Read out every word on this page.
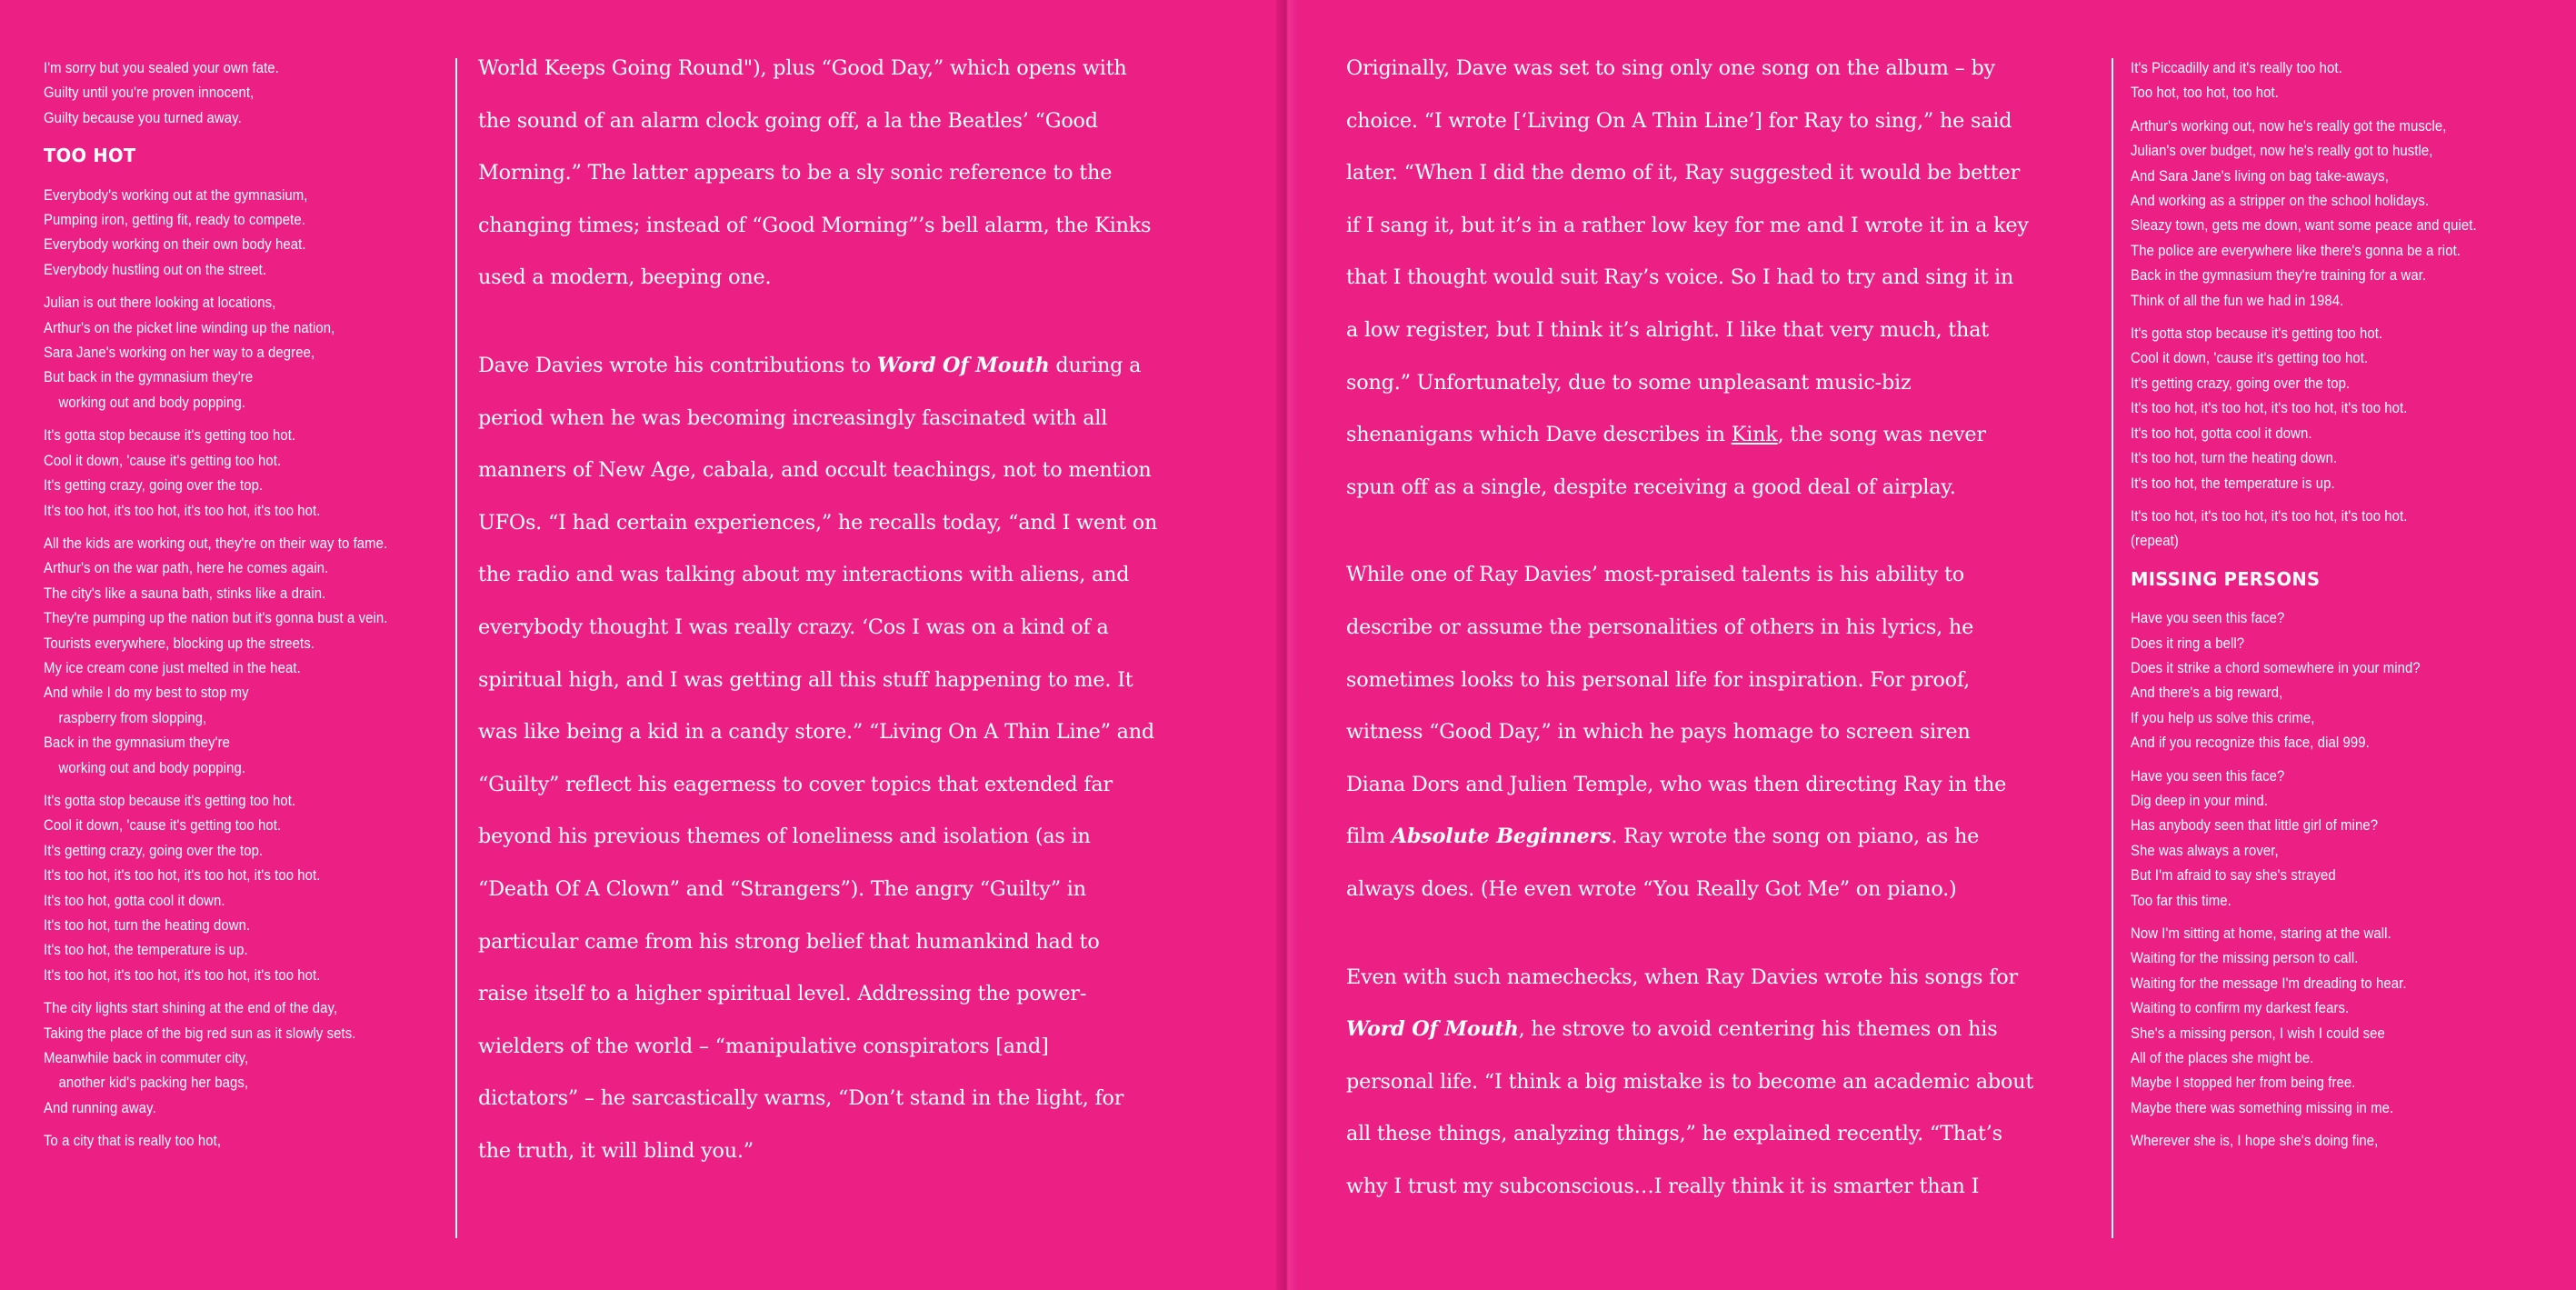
I'm sorry but you sealed your own fate.
Guilty until you're proven innocent,
Guilty because you turned away.
TOO HOT
Everybody's working out at the gymnasium,
Pumping iron, getting fit, ready to compete.
Everybody working on their own body heat.
Everybody hustling out on the street.
Julian is out there looking at locations,
Arthur's on the picket line winding up the nation,
Sara Jane's working on her way to a degree,
But back in the gymnasium they're
working out and body popping.
It's gotta stop because it's getting too hot.
Cool it down, 'cause it's getting too hot.
It's getting crazy, going over the top.
It's too hot, it's too hot, it's too hot, it's too hot.
All the kids are working out, they're on their way to fame.
Arthur's on the war path, here he comes again.
The city's like a sauna bath, stinks like a drain.
They're pumping up the nation but it's gonna bust a vein.
Tourists everywhere, blocking up the streets.
My ice cream cone just melted in the heat.
And while I do my best to stop my
raspberry from slopping,
Back in the gymnasium they're
working out and body popping.
It's gotta stop because it's getting too hot.
Cool it down, 'cause it's getting too hot.
It's getting crazy, going over the top.
It's too hot, it's too hot, it's too hot, it's too hot.
It's too hot, gotta cool it down.
It's too hot, turn the heating down.
It's too hot, the temperature is up.
It's too hot, it's too hot, it's too hot, it's too hot.
The city lights start shining at the end of the day,
Taking the place of the big red sun as it slowly sets.
Meanwhile back in commuter city,
another kid's packing her bags,
And running away.
To a city that is really too hot,

World Keeps Going Round"), plus “Good Day,” which opens with
the sound of an alarm clock going off, a la the Beatles’ “Good
Morning.” The latter appears to be a sly sonic reference to the
changing times; instead of “Good Morning”’s bell alarm, the Kinks
used a modern, beeping one.

Dave Davies wrote his contributions to Word Of Mouth during a
period when he was becoming increasingly fascinated with all
manners of New Age, cabala, and occult teachings, not to mention
UFOs. “I had certain experiences,” he recalls today, “and I went on
the radio and was talking about my interactions with aliens, and
everybody thought I was really crazy. ‘Cos I was on a kind of a
spiritual high, and I was getting all this stuff happening to me. It
was like being a kid in a candy store.” “Living On A Thin Line” and
“Guilty” reflect his eagerness to cover topics that extended far
beyond his previous themes of loneliness and isolation (as in
“Death Of A Clown” and “Strangers”). The angry “Guilty” in
particular came from his strong belief that humankind had to
raise itself to a higher spiritual level. Addressing the power-
wielders of the world – “manipulative conspirators [and]
dictators” – he sarcastically warns, “Don’t stand in the light, for
the truth, it will blind you.”

Originally, Dave was set to sing only one song on the album – by
choice. “I wrote [‘Living On A Thin Line’] for Ray to sing,” he said
later. “When I did the demo of it, Ray suggested it would be better
if I sang it, but it’s in a rather low key for me and I wrote it in a key
that I thought would suit Ray’s voice. So I had to try and sing it in
a low register, but I think it’s alright. I like that very much, that
song.” Unfortunately, due to some unpleasant music-biz
shenanigans which Dave describes in Kink, the song was never
spun off as a single, despite receiving a good deal of airplay.

While one of Ray Davies’ most-praised talents is his ability to
describe or assume the personalities of others in his lyrics, he
sometimes looks to his personal life for inspiration. For proof,
witness “Good Day,” in which he pays homage to screen siren
Diana Dors and Julien Temple, who was then directing Ray in the
film Absolute Beginners. Ray wrote the song on piano, as he
always does. (He even wrote “You Really Got Me” on piano.)

Even with such namechecks, when Ray Davies wrote his songs for
Word Of Mouth, he strove to avoid centering his themes on his
personal life. “I think a big mistake is to become an academic about
all these things, analyzing things,” he explained recently. “That’s
why I trust my subconscious…I really think it is smarter than I

It's Piccadilly and it's really too hot.
Too hot, too hot, too hot.
Arthur's working out, now he's really got the muscle,
Julian's over budget, now he's really got to hustle,
And Sara Jane's living on bag take-aways,
And working as a stripper on the school holidays.
Sleazy town, gets me down, want some peace and quiet.
The police are everywhere like there's gonna be a riot.
Back in the gymnasium they're training for a war.
Think of all the fun we had in 1984.
It's gotta stop because it's getting too hot.
Cool it down, 'cause it's getting too hot.
It's getting crazy, going over the top.
It's too hot, it's too hot, it's too hot, it's too hot.
It's too hot, gotta cool it down.
It's too hot, turn the heating down.
It's too hot, the temperature is up.
It's too hot, it's too hot, it's too hot, it's too hot.
(repeat)
MISSING PERSONS
Have you seen this face?
Does it ring a bell?
Does it strike a chord somewhere in your mind?
And there's a big reward,
If you help us solve this crime,
And if you recognize this face, dial 999.
Have you seen this face?
Dig deep in your mind.
Has anybody seen that little girl of mine?
She was always a rover,
But I'm afraid to say she's strayed
Too far this time.
Now I'm sitting at home, staring at the wall.
Waiting for the missing person to call.
Waiting for the message I'm dreading to hear.
Waiting to confirm my darkest fears.
She's a missing person, I wish I could see
All of the places she might be.
Maybe I stopped her from being free.
Maybe there was something missing in me.
Wherever she is, I hope she's doing fine,
